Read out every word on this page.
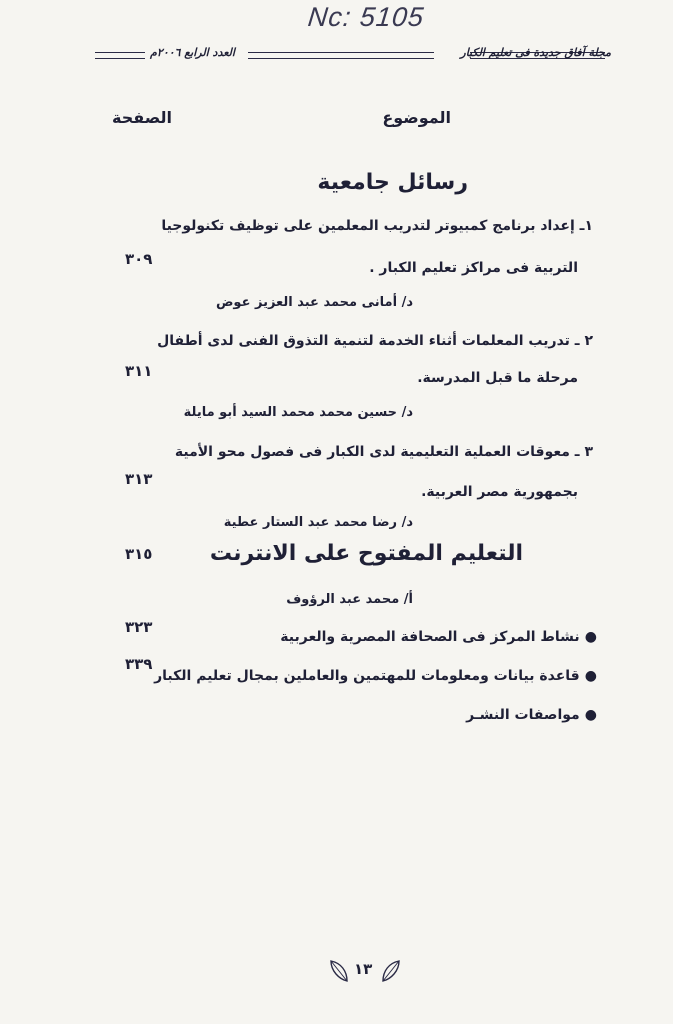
Nc: 5105
مجلة آفاق جديدة فى تعليم الكبار
العدد الرابع ٢٠٠٦م
الموضوع
الصفحة
رسائل جامعية
١ـ إعداد برنامج كمبيوتر لتدريب المعلمين على توظيف تكنولوجيا
التربية فى مراكز تعليم الكبار .
٣٠٩
د/ أمانى محمد عبد العزيز عوض
٢ ـ تدريب المعلمات أثناء الخدمة لتنمية التذوق الفنى لدى أطفال
مرحلة ما قبل المدرسة.
٣١١
د/ حسين محمد محمد السيد أبو مايلة
٣ ـ معوقات العملية التعليمية لدى الكبار فى فصول محو الأمية
بجمهورية مصر العربية.
٣١٣
د/ رضا محمد عبد الستار عطية
التعليم المفتوح على الانترنت
٣١٥
أ/ محمد عبد الرؤوف
● نشاط المركز فى الصحافة المصرية والعربية
٣٢٣
● قاعدة بيانات ومعلومات للمهتمين والعاملين بمجال تعليم الكبار
٣٣٩
● مواصفات النشـر
١٣
